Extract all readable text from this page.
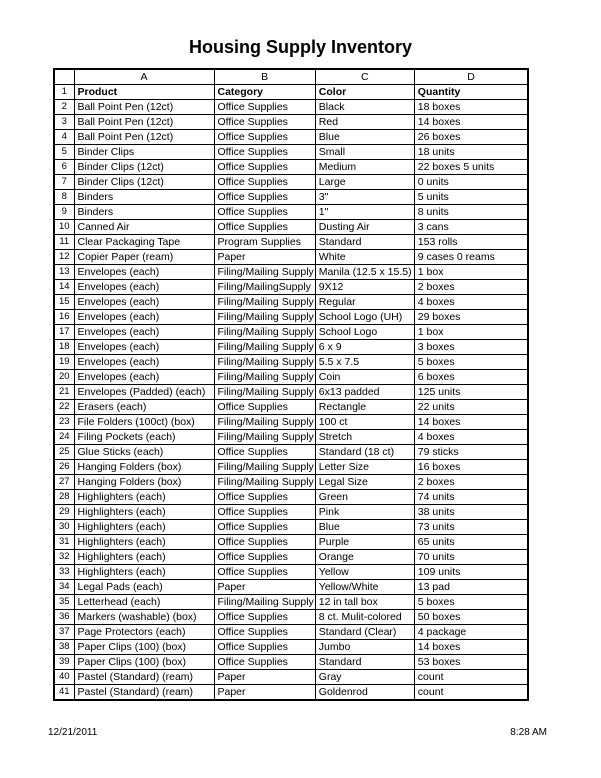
Housing Supply Inventory
	A	B	C	D
1	Product	Category	Color	Quantity
2	Ball Point Pen (12ct)	Office Supplies	Black	18 boxes
3	Ball Point Pen (12ct)	Office Supplies	Red	14 boxes
4	Ball Point Pen (12ct)	Office Supplies	Blue	26 boxes
5	Binder Clips	Office Supplies	Small	18 units
6	Binder Clips (12ct)	Office Supplies	Medium	22 boxes 5 units
7	Binder Clips (12ct)	Office Supplies	Large	0 units
8	Binders	Office Supplies	3"	5 units
9	Binders	Office Supplies	1"	8 units
10	Canned Air	Office Supplies	Dusting Air	3 cans
11	Clear Packaging Tape	Program Supplies	Standard	153 rolls
12	Copier Paper (ream)	Paper	White	9 cases 0 reams
13	Envelopes (each)	Filing/Mailing Supply	Manila (12.5 x 15.5)	1 box
14	Envelopes (each)	Filing/MailingSupply	9X12	2 boxes
15	Envelopes (each)	Filing/Mailing Supply	Regular	4 boxes
16	Envelopes (each)	Filing/Mailing Supply	School Logo (UH)	29 boxes
17	Envelopes (each)	Filing/Mailing Supply	School Logo	1 box
18	Envelopes (each)	Filing/Mailing Supply	6 x 9	3 boxes
19	Envelopes (each)	Filing/Mailing Supply	5.5 x 7.5	5 boxes
20	Envelopes (each)	Filing/Mailing Supply	Coin	6 boxes
21	Envelopes (Padded) (each)	Filing/Mailing Supply	6x13 padded	125 units
22	Erasers (each)	Office Supplies	Rectangle	22 units
23	File Folders (100ct) (box)	Filing/Mailing Supply	100 ct	14 boxes
24	Filing Pockets (each)	Filing/Mailing Supply	Stretch	4 boxes
25	Glue Sticks (each)	Office Supplies	Standard (18 ct)	79 sticks
26	Hanging Folders (box)	Filing/Mailing Supply	Letter Size	16 boxes
27	Hanging Folders (box)	Filing/Mailing Supply	Legal Size	2 boxes
28	Highlighters (each)	Office Supplies	Green	74 units
29	Highlighters (each)	Office Supplies	Pink	38 units
30	Highlighters (each)	Office Supplies	Blue	73 units
31	Highlighters (each)	Office Supplies	Purple	65 units
32	Highlighters (each)	Office Supplies	Orange	70 units
33	Highlighters (each)	Office Supplies	Yellow	109 units
34	Legal Pads (each)	Paper	Yellow/White	13 pad
35	Letterhead (each)	Filing/Mailing Supply	12 in tall box	5 boxes
36	Markers (washable) (box)	Office Supplies	8 ct. Mulit-colored	50 boxes
37	Page Protectors (each)	Office Supplies	Standard (Clear)	4 package
38	Paper Clips (100) (box)	Office Supplies	Jumbo	14 boxes
39	Paper Clips (100) (box)	Office Supplies	Standard	53 boxes
40	Pastel (Standard) (ream)	Paper	Gray	count
41	Pastel (Standard) (ream)	Paper	Goldenrod	count
12/21/2011	8:28 AM
